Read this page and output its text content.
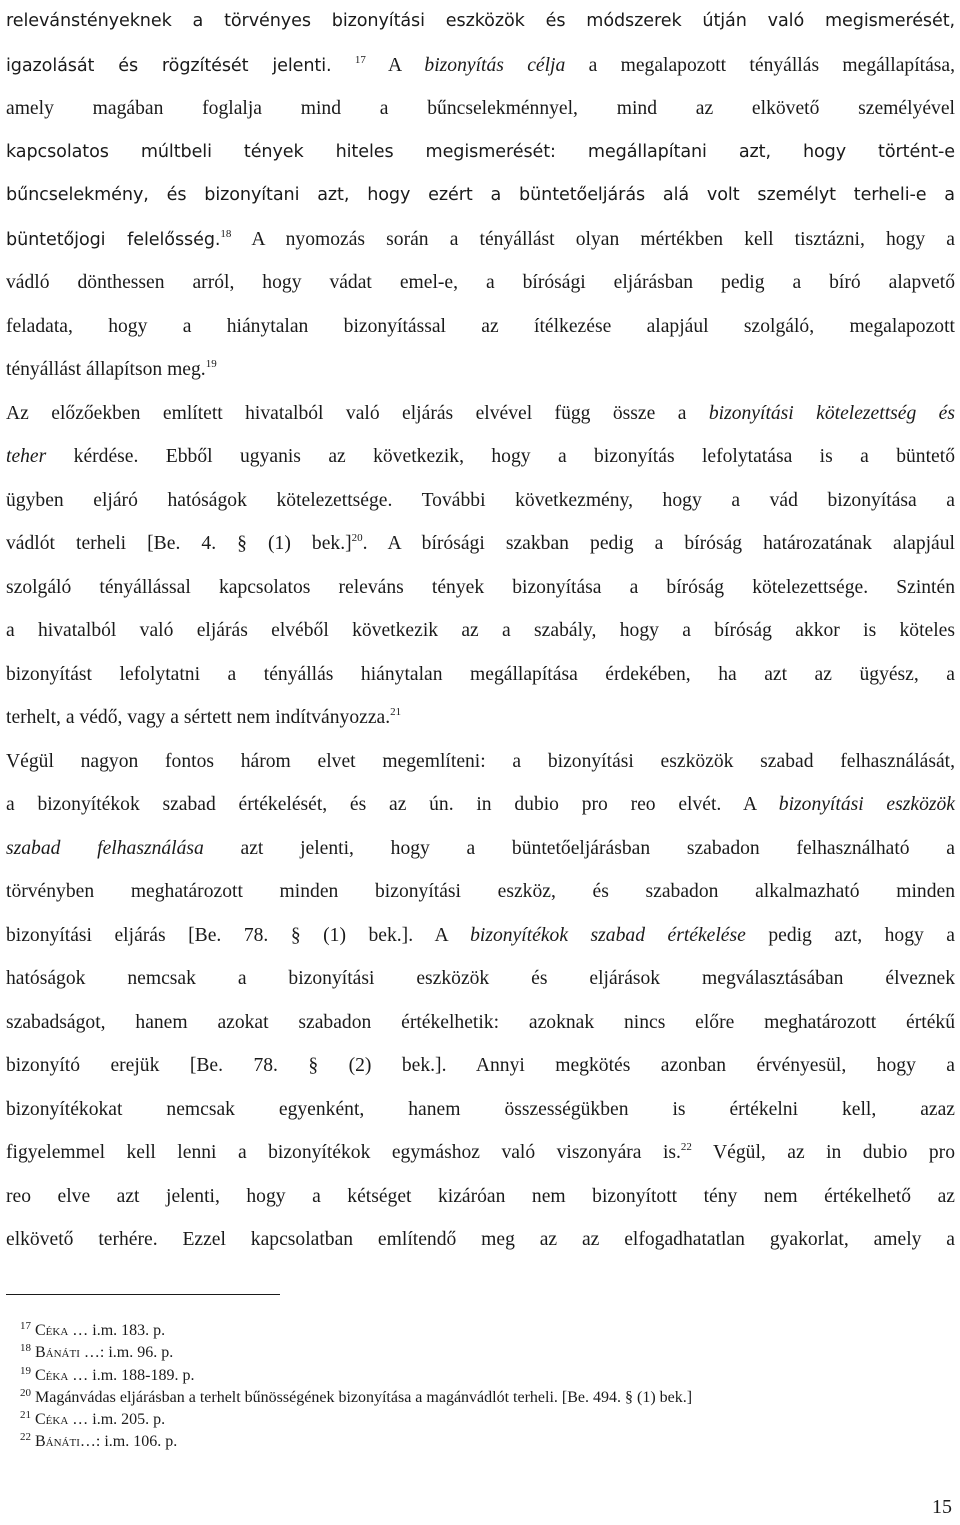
relevánstényeknek a törvényes bizonyítási eszközök és módszerek útján való megismerését,
igazolását és rögzítését jelenti. $^{17}$ A bizonyítás célja a megalapozott tényállás megállapítása,
amely magában foglalja mind a bűncselekménnyel, mind az elkövető személyével
kapcsolatos múltbeli tények hiteles megismerését: megállapítani azt, hogy történt-e
bűncselekmény, és bizonyítani azt, hogy ezért a büntetőeljárás alá volt személyt terheli-e a
büntetőjogi felelősség.$^{18}$ A nyomozás során a tényállást olyan mértékben kell tisztázni, hogy a
vádló dönthessen arról, hogy vádat emel-e, a bírósági eljárásban pedig a bíró alapvető
feladata, hogy a hiánytalan bizonyítással az ítélkezése alapjául szolgáló, megalapozott
tényállást állapítson meg.$^{19}$
Az előzőekben említett hivatalból való eljárás elvével függ össze a bizonyítási kötelezettség és
teher kérdése. Ebből ugyanis az következik, hogy a bizonyítás lefolytatása is a büntető
ügyben eljáró hatóságok kötelezettsége. További következmény, hogy a vád bizonyítása a
vádlót terheli [Be. 4. § (1) bek.]$^{20}$. A bírósági szakban pedig a bíróság határozatának alapjául
szolgáló tényállással kapcsolatos releváns tények bizonyítása a bíróság kötelezettsége. Szintén
a hivatalból való eljárás elvéből következik az a szabály, hogy a bíróság akkor is köteles
bizonyítást lefolytatni a tényállás hiánytalan megállapítása érdekében, ha azt az ügyész, a
terhelt, a védő, vagy a sértett nem indítványozza.$^{21}$
Végül nagyon fontos három elvet megemlíteni: a bizonyítási eszközök szabad felhasználását,
a bizonyítékok szabad értékelését, és az ún. in dubio pro reo elvét. A bizonyítási eszközök
szabad felhasználása azt jelenti, hogy a büntetőeljárásban szabadon felhasználható a
törvényben meghatározott minden bizonyítási eszköz, és szabadon alkalmazható minden
bizonyítási eljárás [Be. 78. § (1) bek.]. A bizonyítékok szabad értékelése pedig azt, hogy a
hatóságok nemcsak a bizonyítási eszközök és eljárások megválasztásában élveznek
szabadságot, hanem azokat szabadon értékelhetik: azoknak nincs előre meghatározott értékű
bizonyító erejük [Be. 78. § (2) bek.]. Annyi megkötés azonban érvényesül, hogy a
bizonyítékokat nemcsak egyenként, hanem összességükben is értékelni kell, azaz
figyelemmel kell lenni a bizonyítékok egymáshoz való viszonyára is.$^{22}$ Végül, az in dubio pro
reo elve azt jelenti, hogy a kétséget kizáróan nem bizonyított tény nem értékelhető az
elkövető terhére. Ezzel kapcsolatban említendő meg az az elfogadhatatlan gyakorlat, amely a
$^{17}$ Céka … i.m. 183. p.
$^{18}$ Bánáti …: i.m. 96. p.
$^{19}$ Céka … i.m. 188-189. p.
$^{20}$ Magánvádas eljárásban a terhelt bűnösségének bizonyítása a magánvádlót terheli. [Be. 494. § (1) bek.]
$^{21}$ Céka … i.m. 205. p.
$^{22}$ Bánáti…: i.m. 106. p.
15
